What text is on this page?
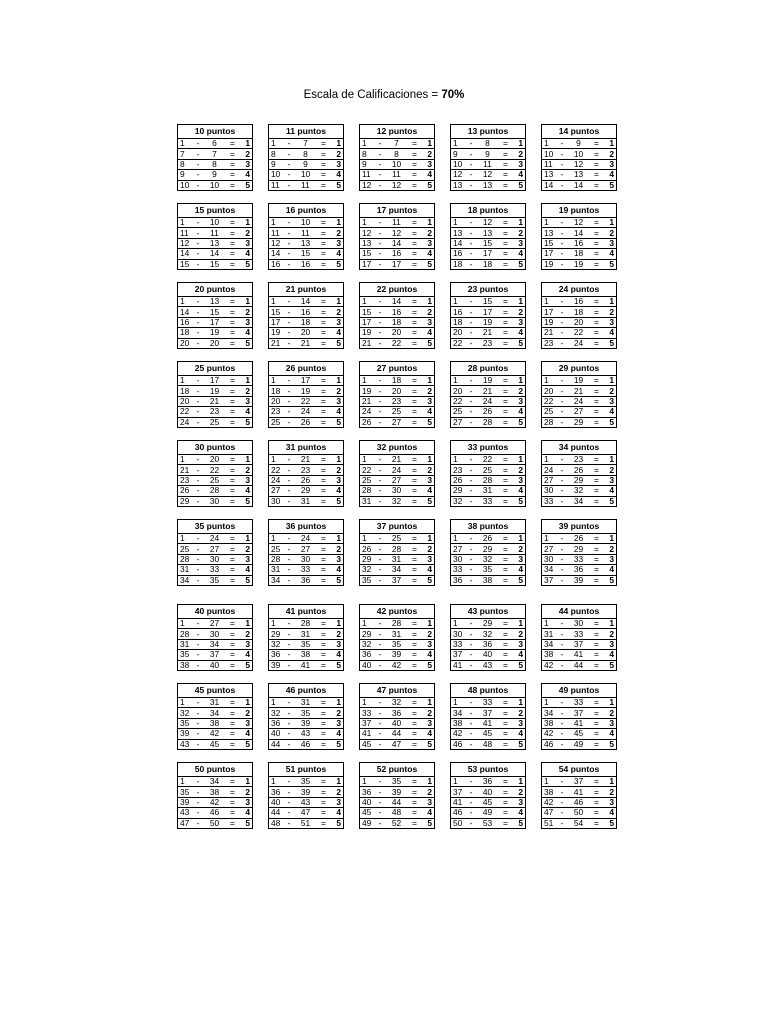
Escala de Calificaciones = 70%
10 puntos				
1	-	6	=	1
7	-	7	=	2
8	-	8	=	3
9	-	9	=	4
10	-	10	=	5
11 puntos				
1	-	7	=	1
8	-	8	=	2
9	-	9	=	3
10	-	10	=	4
11	-	11	=	5
12 puntos				
1	-	7	=	1
8	-	8	=	2
9	-	10	=	3
11	-	11	=	4
12	-	12	=	5
13 puntos				
1	-	8	=	1
9	-	9	=	2
10	-	11	=	3
12	-	12	=	4
13	-	13	=	5
14 puntos				
1	-	9	=	1
10	-	10	=	2
11	-	12	=	3
13	-	13	=	4
14	-	14	=	5
15 puntos				
1	-	10	=	1
11	-	11	=	2
12	-	13	=	3
14	-	14	=	4
15	-	15	=	5
16 puntos				
1	-	10	=	1
11	-	11	=	2
12	-	13	=	3
14	-	15	=	4
16	-	16	=	5
17 puntos				
1	-	11	=	1
12	-	12	=	2
13	-	14	=	3
15	-	16	=	4
17	-	17	=	5
18 puntos				
1	-	12	=	1
13	-	13	=	2
14	-	15	=	3
16	-	17	=	4
18	-	18	=	5
19 puntos				
1	-	12	=	1
13	-	14	=	2
15	-	16	=	3
17	-	18	=	4
19	-	19	=	5
20 puntos				
1	-	13	=	1
14	-	15	=	2
16	-	17	=	3
18	-	19	=	4
20	-	20	=	5
21 puntos				
1	-	14	=	1
15	-	16	=	2
17	-	18	=	3
19	-	20	=	4
21	-	21	=	5
22 puntos				
1	-	14	=	1
15	-	16	=	2
17	-	18	=	3
19	-	20	=	4
21	-	22	=	5
23 puntos				
1	-	15	=	1
16	-	17	=	2
18	-	19	=	3
20	-	21	=	4
22	-	23	=	5
24 puntos				
1	-	16	=	1
17	-	18	=	2
19	-	20	=	3
21	-	22	=	4
23	-	24	=	5
25 puntos				
1	-	17	=	1
18	-	19	=	2
20	-	21	=	3
22	-	23	=	4
24	-	25	=	5
26 puntos				
1	-	17	=	1
18	-	19	=	2
20	-	22	=	3
23	-	24	=	4
25	-	26	=	5
27 puntos				
1	-	18	=	1
19	-	20	=	2
21	-	23	=	3
24	-	25	=	4
26	-	27	=	5
28 puntos				
1	-	19	=	1
20	-	21	=	2
22	-	24	=	3
25	-	26	=	4
27	-	28	=	5
29 puntos				
1	-	19	=	1
20	-	21	=	2
22	-	24	=	3
25	-	27	=	4
28	-	29	=	5
30 puntos				
1	-	20	=	1
21	-	22	=	2
23	-	25	=	3
26	-	28	=	4
29	-	30	=	5
31 puntos				
1	-	21	=	1
22	-	23	=	2
24	-	26	=	3
27	-	29	=	4
30	-	31	=	5
32 puntos				
1	-	21	=	1
22	-	24	=	2
25	-	27	=	3
28	-	30	=	4
31	-	32	=	5
33 puntos				
1	-	22	=	1
23	-	25	=	2
26	-	28	=	3
29	-	31	=	4
32	-	33	=	5
34 puntos				
1	-	23	=	1
24	-	26	=	2
27	-	29	=	3
30	-	32	=	4
33	-	34	=	5
35 puntos				
1	-	24	=	1
25	-	27	=	2
28	-	30	=	3
31	-	33	=	4
34	-	35	=	5
36 puntos				
1	-	24	=	1
25	-	27	=	2
28	-	30	=	3
31	-	33	=	4
34	-	36	=	5
37 puntos				
1	-	25	=	1
26	-	28	=	2
29	-	31	=	3
32	-	34	=	4
35	-	37	=	5
38 puntos				
1	-	26	=	1
27	-	29	=	2
30	-	32	=	3
33	-	35	=	4
36	-	38	=	5
39 puntos				
1	-	26	=	1
27	-	29	=	2
30	-	33	=	3
34	-	36	=	4
37	-	39	=	5
40 puntos				
1	-	27	=	1
28	-	30	=	2
31	-	34	=	3
35	-	37	=	4
38	-	40	=	5
41 puntos				
1	-	28	=	1
29	-	31	=	2
32	-	35	=	3
36	-	38	=	4
39	-	41	=	5
42 puntos				
1	-	28	=	1
29	-	31	=	2
32	-	35	=	3
36	-	39	=	4
40	-	42	=	5
43 puntos				
1	-	29	=	1
30	-	32	=	2
33	-	36	=	3
37	-	40	=	4
41	-	43	=	5
44 puntos				
1	-	30	=	1
31	-	33	=	2
34	-	37	=	3
38	-	41	=	4
42	-	44	=	5
45 puntos				
1	-	31	=	1
32	-	34	=	2
35	-	38	=	3
39	-	42	=	4
43	-	45	=	5
46 puntos				
1	-	31	=	1
32	-	35	=	2
36	-	39	=	3
40	-	43	=	4
44	-	46	=	5
47 puntos				
1	-	32	=	1
33	-	36	=	2
37	-	40	=	3
41	-	44	=	4
45	-	47	=	5
48 puntos				
1	-	33	=	1
34	-	37	=	2
38	-	41	=	3
42	-	45	=	4
46	-	48	=	5
49 puntos				
1	-	33	=	1
34	-	37	=	2
38	-	41	=	3
42	-	45	=	4
46	-	49	=	5
50 puntos				
1	-	34	=	1
35	-	38	=	2
39	-	42	=	3
43	-	46	=	4
47	-	50	=	5
51 puntos				
1	-	35	=	1
36	-	39	=	2
40	-	43	=	3
44	-	47	=	4
48	-	51	=	5
52 puntos				
1	-	35	=	1
36	-	39	=	2
40	-	44	=	3
45	-	48	=	4
49	-	52	=	5
53 puntos				
1	-	36	=	1
37	-	40	=	2
41	-	45	=	3
46	-	49	=	4
50	-	53	=	5
54 puntos				
1	-	37	=	1
38	-	41	=	2
42	-	46	=	3
47	-	50	=	4
51	-	54	=	5
